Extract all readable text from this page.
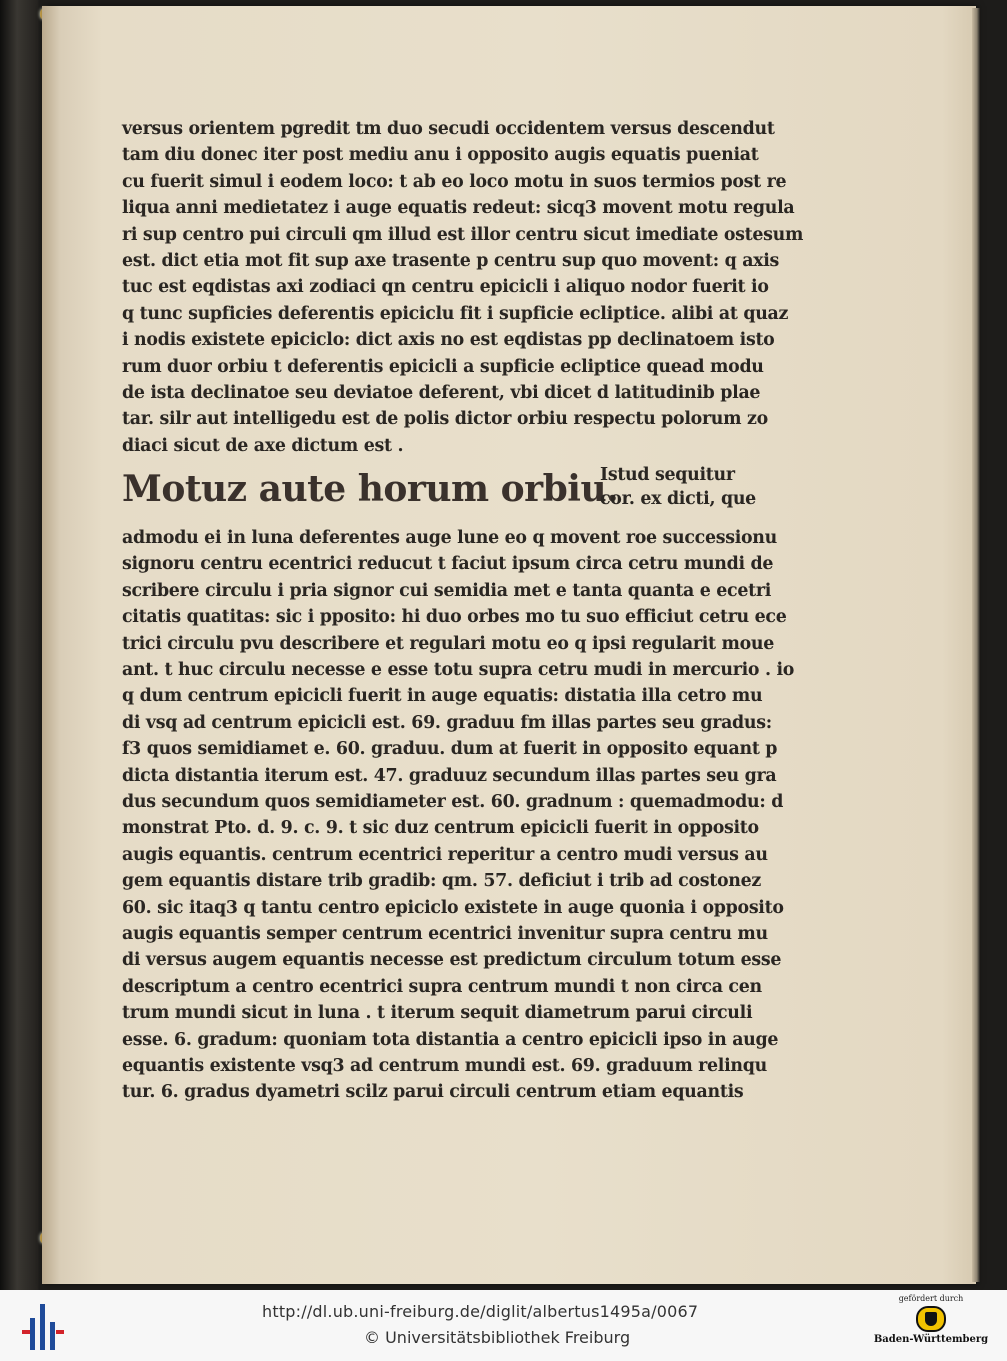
versus orientem pgredit tm duo secudi occidentem versus descendut
tam diu donec iter post mediu anu i opposito augis equatis pueniat
cu fuerit simul i eodem loco: t ab eo loco motu in suos termios post re
liqua anni medietatez i auge equatis redeut: sicq3 movent motu regula
ri sup centro pui circuli qm illud est illor centru sicut imediate ostesum
est. dict etia mot fit sup axe trasente p centru sup quo movent: q axis
tuc est eqdistas axi zodiaci qn centru epicicli i aliquo nodor fuerit io
q tunc supficies deferentis epiciclu fit i supficie ecliptice. alibi at quaz
i nodis existete epiciclo: dict axis no est eqdistas pp declinatoem isto
rum duor orbiu t deferentis epicicli a supficie ecliptice quead modu
de ista declinatoe seu deviatoe deferent, vbi dicet d latitudinib plae
tar. silr aut intelligedu est de polis dictor orbiu respectu polorum zo
diaci sicut de axe dictum est .
Motuz aute horum orbiu.
Istud sequitur
cor. ex dicti, que
admodu ei in luna deferentes auge lune eo q movent roe successionu
signoru centru ecentrici reducut t faciut ipsum circa cetru mundi de
scribere circulu i pria signor cui semidia met e tanta quanta e ecetri
citatis quatitas: sic i pposito: hi duo orbes mo tu suo efficiut cetru ece
trici circulu pvu describere et regulari motu eo q ipsi regularit moue
ant. t huc circulu necesse e esse totu supra cetru mudi in mercurio . io
q dum centrum epicicli fuerit in auge equatis: distatia illa cetro mu
di vsq ad centrum epicicli est. 69. graduu fm illas partes seu gradus:
f3 quos semidiamet e. 60. graduu. dum at fuerit in opposito equant p
dicta distantia iterum est. 47. graduuz secundum illas partes seu gra
dus secundum quos semidiameter est. 60. gradnum : quemadmodu: d
monstrat Pto. d. 9. c. 9. t sic duz centrum epicicli fuerit in opposito
augis equantis. centrum ecentrici reperitur a centro mudi versus au
gem equantis distare trib gradib: qm. 57. deficiut i trib ad costonez
60. sic itaq3 q tantu centro epiciclo existete in auge quonia i opposito
augis equantis semper centrum ecentrici invenitur supra centru mu
di versus augem equantis necesse est predictum circulum totum esse
descriptum a centro ecentrici supra centrum mundi t non circa cen
trum mundi sicut in luna . t iterum sequit diametrum parui circuli
esse. 6. gradum: quoniam tota distantia a centro epicicli ipso in auge
equantis existente vsq3 ad centrum mundi est. 69. graduum relinqu
tur. 6. gradus dyametri scilz parui circuli centrum etiam equantis
http://dl.ub.uni-freiburg.de/diglit/albertus1495a/0067
© Universitätsbibliothek Freiburg
gefördert durch
Baden-Württemberg
